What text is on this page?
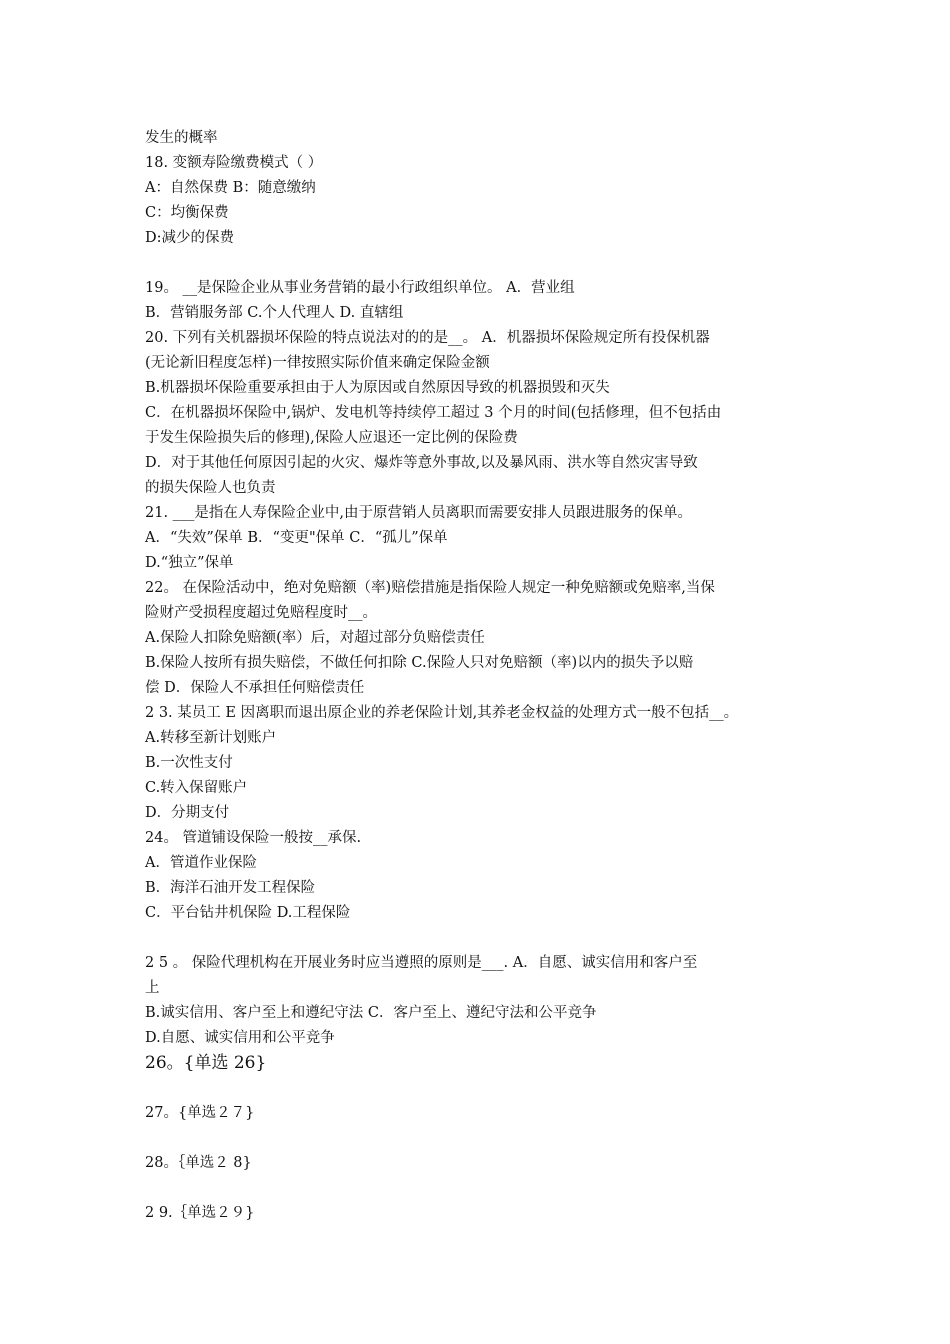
发生的概率
18. 变额寿险缴费模式（ ）
A：自然保费 B：随意缴纳
C：均衡保费
D:减少的保费
19。 __是保险企业从事业务营销的最小行政组织单位。 A．营业组
B．营销服务部 C.个人代理人 D. 直辖组
20. 下列有关机器损坏保险的特点说法对的的是__。 A．机器损坏保险规定所有投保机器
(无论新旧程度怎样)一律按照实际价值来确定保险金额
B.机器损坏保险重要承担由于人为原因或自然原因导致的机器损毁和灭失
C．在机器损坏保险中,锅炉、发电机等持续停工超过 3 个月的时间(包括修理，但不包括由
于发生保险损失后的修理),保险人应退还一定比例的保险费
D．对于其他任何原因引起的火灾、爆炸等意外事故,以及暴风雨、洪水等自然灾害导致
的损失保险人也负责
21. ___是指在人寿保险企业中,由于原营销人员离职而需要安排人员跟进服务的保单。
A．“失效”保单 B．“变更"保单 C．“孤儿”保单
D.“独立”保单
22。 在保险活动中，绝对免赔额（率)赔偿措施是指保险人规定一种免赔额或免赔率,当保
险财产受损程度超过免赔程度时__。
A.保险人扣除免赔额(率）后，对超过部分负赔偿责任
B.保险人按所有损失赔偿，不做任何扣除 C.保险人只对免赔额（率)以内的损失予以赔
偿 D．保险人不承担任何赔偿责任
2 3. 某员工 E 因离职而退出原企业的养老保险计划,其养老金权益的处理方式一般不包括__。
A.转移至新计划账户
B.一次性支付
C.转入保留账户
D．分期支付
24。 管道铺设保险一般按__承保.
A．管道作业保险
B．海洋石油开发工程保险
C．平台钻井机保险 D.工程保险
2 5 。 保险代理机构在开展业务时应当遵照的原则是___. A．自愿、诚实信用和客户至
上
B.诚实信用、客户至上和遵纪守法 C．客户至上、遵纪守法和公平竞争
D.自愿、诚实信用和公平竞争
26。{单选 26}
27。{单选２７}
28。｛单选２ 8}
2 9.｛单选２９}
